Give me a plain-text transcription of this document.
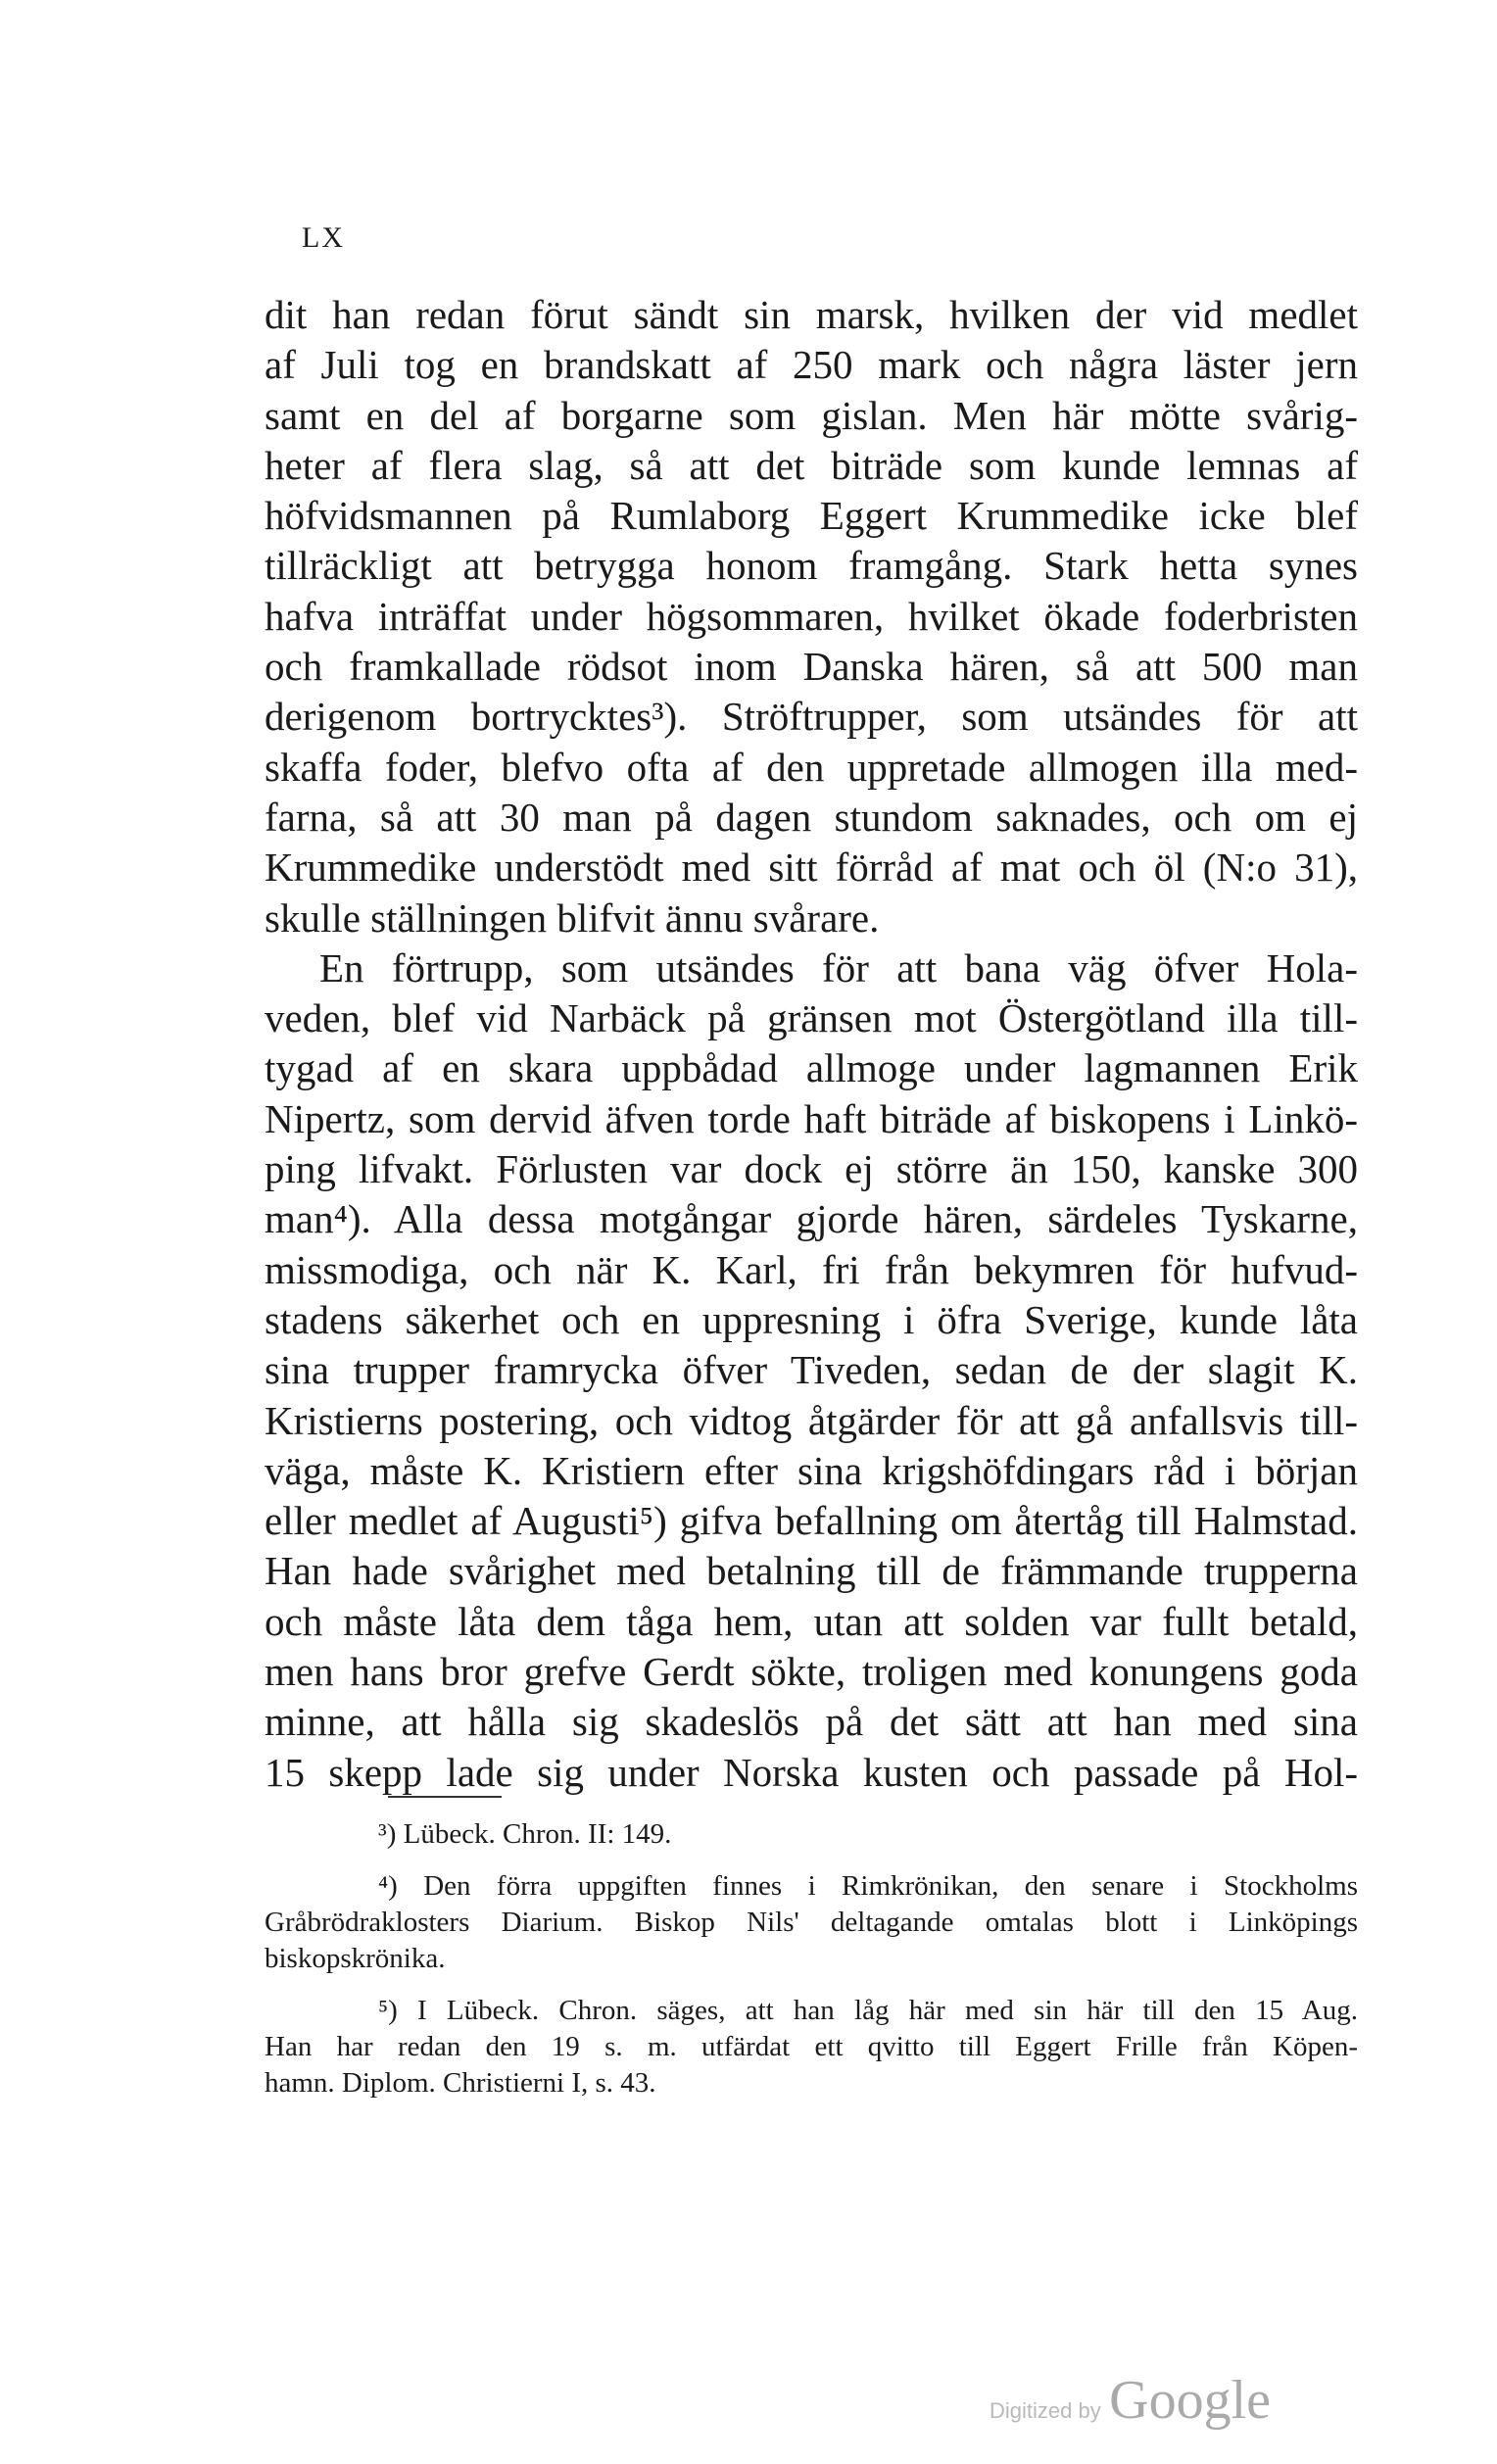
LX
dit han redan förut sändt sin marsk, hvilken der vid medlet
af Juli tog en brandskatt af 250 mark och några läster jern
samt en del af borgarne som gislan. Men här mötte svårig-
heter af flera slag, så att det biträde som kunde lemnas af
höfvidsmannen på Rumlaborg Eggert Krummedike icke blef
tillräckligt att betrygga honom framgång. Stark hetta synes
hafva inträffat under högsommaren, hvilket ökade foderbristen
och framkallade rödsot inom Danska hären, så att 500 man
derigenom bortrycktes³). Ströftrupper, som utsändes för att
skaffa foder, blefvo ofta af den uppretade allmogen illa med-
farna, så att 30 man på dagen stundom saknades, och om ej
Krummedike understödt med sitt förråd af mat och öl (N:o 31),
skulle ställningen blifvit ännu svårare.
En förtrupp, som utsändes för att bana väg öfver Hola-
veden, blef vid Narbäck på gränsen mot Östergötland illa till-
tygad af en skara uppbådad allmoge under lagmannen Erik
Nipertz, som dervid äfven torde haft biträde af biskopens i Linkö-
ping lifvakt. Förlusten var dock ej större än 150, kanske 300
man⁴). Alla dessa motgångar gjorde hären, särdeles Tyskarne,
missmodiga, och när K. Karl, fri från bekymren för hufvud-
stadens säkerhet och en uppresning i öfra Sverige, kunde låta
sina trupper framrycka öfver Tiveden, sedan de der slagit K.
Kristierns postering, och vidtog åtgärder för att gå anfallsvis till-
väga, måste K. Kristiern efter sina krigshöfdingars råd i början
eller medlet af Augusti⁵) gifva befallning om återtåg till Halmstad.
Han hade svårighet med betalning till de främmande trupperna
och måste låta dem tåga hem, utan att solden var fullt betald,
men hans bror grefve Gerdt sökte, troligen med konungens goda
minne, att hålla sig skadeslös på det sätt att han med sina
15 skepp lade sig under Norska kusten och passade på Hol-
³) Lübeck. Chron. II: 149.
⁴) Den förra uppgiften finnes i Rimkrönikan, den senare i Stockholms
Gråbrödraklosters Diarium. Biskop Nils' deltagande omtalas blott i Linköpings
biskopskrönika.
⁵) I Lübeck. Chron. säges, att han låg här med sin här till den 15 Aug.
Han har redan den 19 s. m. utfärdat ett qvitto till Eggert Frille från Köpen-
hamn. Diplom. Christierni I, s. 43.
Digitized by Google
